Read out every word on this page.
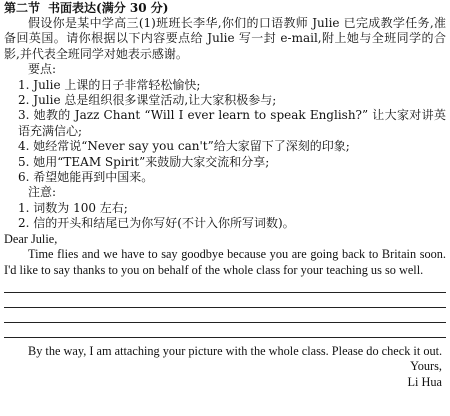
第二节 书面表达(满分 30 分)

假设你是某中学高三(1)班班长李华,你们的口语教师 Julie 已完成教学任务,准备回英国。请你根据以下内容要点给 Julie 写一封 e-mail,附上她与全班同学的合影,并代表全班同学对她表示感谢。

要点:
1. Julie 上课的日子非常轻松愉快;
2. Julie 总是组织很多课堂活动,让大家积极参与;
3. 她教的 Jazz Chant “Will I ever learn to speak English?” 让大家对讲英语充满信心;
4. 她经常说“Never say you can't”给大家留下了深刻的印象;
5. 她用“TEAM Spirit”来鼓励大家交流和分享;
6. 希望她能再到中国来。
注意:
1. 词数为 100 左右;
2. 信的开头和结尾已为你写好(不计入你所写词数)。
Dear Julie,

Time flies and we have to say goodbye because you are going back to Britain soon. I'd like to say thanks to you on behalf of the whole class for your teaching us so well.

By the way, I am attaching your picture with the whole class. Please do check it out.

Yours,
Li Hua
